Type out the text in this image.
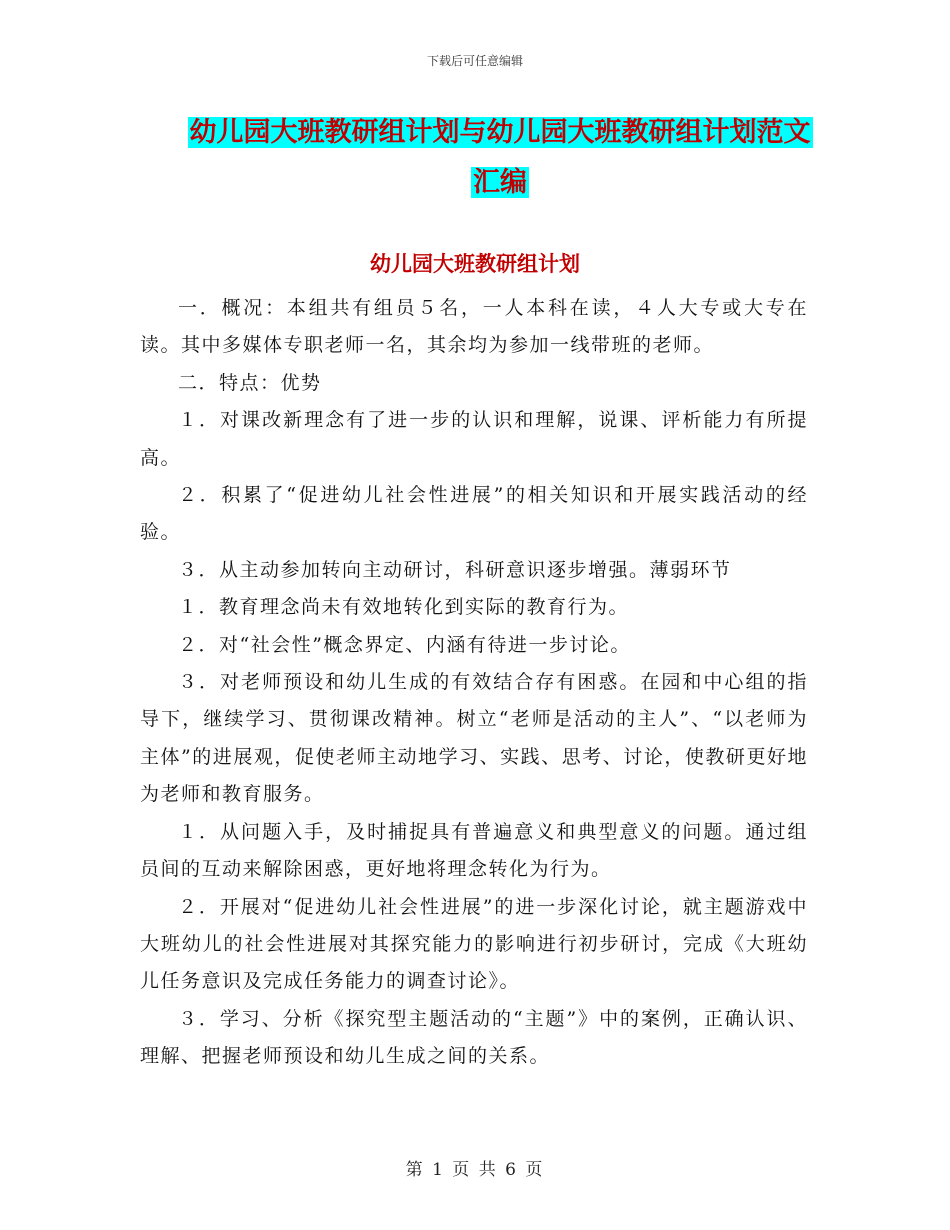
下载后可任意编辑
幼儿园大班教研组计划与幼儿园大班教研组计划范文
汇编
幼儿园大班教研组计划

一．概况：本组共有组员５名，一人本科在读，４人大专或大专在读。其中多媒体专职老师一名，其余均为参加一线带班的老师。

二．特点：优势

１．对课改新理念有了进一步的认识和理解，说课、评析能力有所提高。

２．积累了“促进幼儿社会性进展”的相关知识和开展实践活动的经验。

３．从主动参加转向主动研讨，科研意识逐步增强。薄弱环节

１．教育理念尚未有效地转化到实际的教育行为。

２．对“社会性”概念界定、内涵有待进一步讨论。

３．对老师预设和幼儿生成的有效结合存有困惑。在园和中心组的指导下，继续学习、贯彻课改精神。树立“老师是活动的主人”、“以老师为主体”的进展观，促使老师主动地学习、实践、思考、讨论，使教研更好地为老师和教育服务。

１．从问题入手，及时捕捉具有普遍意义和典型意义的问题。通过组员间的互动来解除困惑，更好地将理念转化为行为。

２．开展对“促进幼儿社会性进展”的进一步深化讨论，就主题游戏中大班幼儿的社会性进展对其探究能力的影响进行初步研讨，完成《大班幼儿任务意识及完成任务能力的调查讨论》。

３．学习、分析《探究型主题活动的“主题”》中的案例，正确认识、理解、把握老师预设和幼儿生成之间的关系。

第 1 页 共 6 页
